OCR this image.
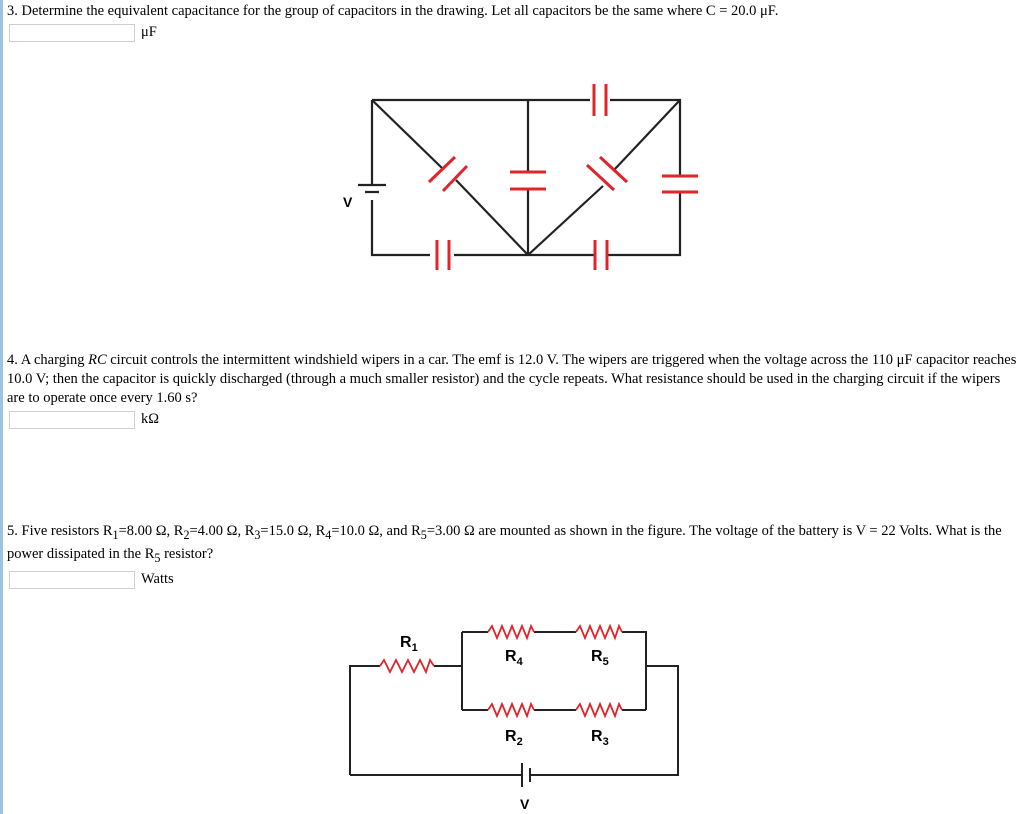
3. Determine the equivalent capacitance for the group of capacitors in the drawing. Let all capacitors be the same where C = 20.0 μF.

μF
V

4. A charging RC circuit controls the intermittent windshield wipers in a car. The emf is 12.0 V. The wipers are triggered when the voltage across the 110 μF capacitor reaches 10.0 V; then the capacitor is quickly discharged (through a much smaller resistor) and the cycle repeats. What resistance should be used in the charging circuit if the wipers are to operate once every 1.60 s?

kΩ

5. Five resistors $R_1=8.00$ Ω, $R_2=4.00$ Ω, $R_3=15.0$ Ω, $R_4=10.0$ Ω, and $R_5=3.00$ Ω are mounted as shown in the figure. The voltage of the battery is V = 22 Volts. What is the power dissipated in the $R_5$ resistor?

Watts
$R_1$	$R_4$	$R_5$
$R_2$	$R_3$
V
